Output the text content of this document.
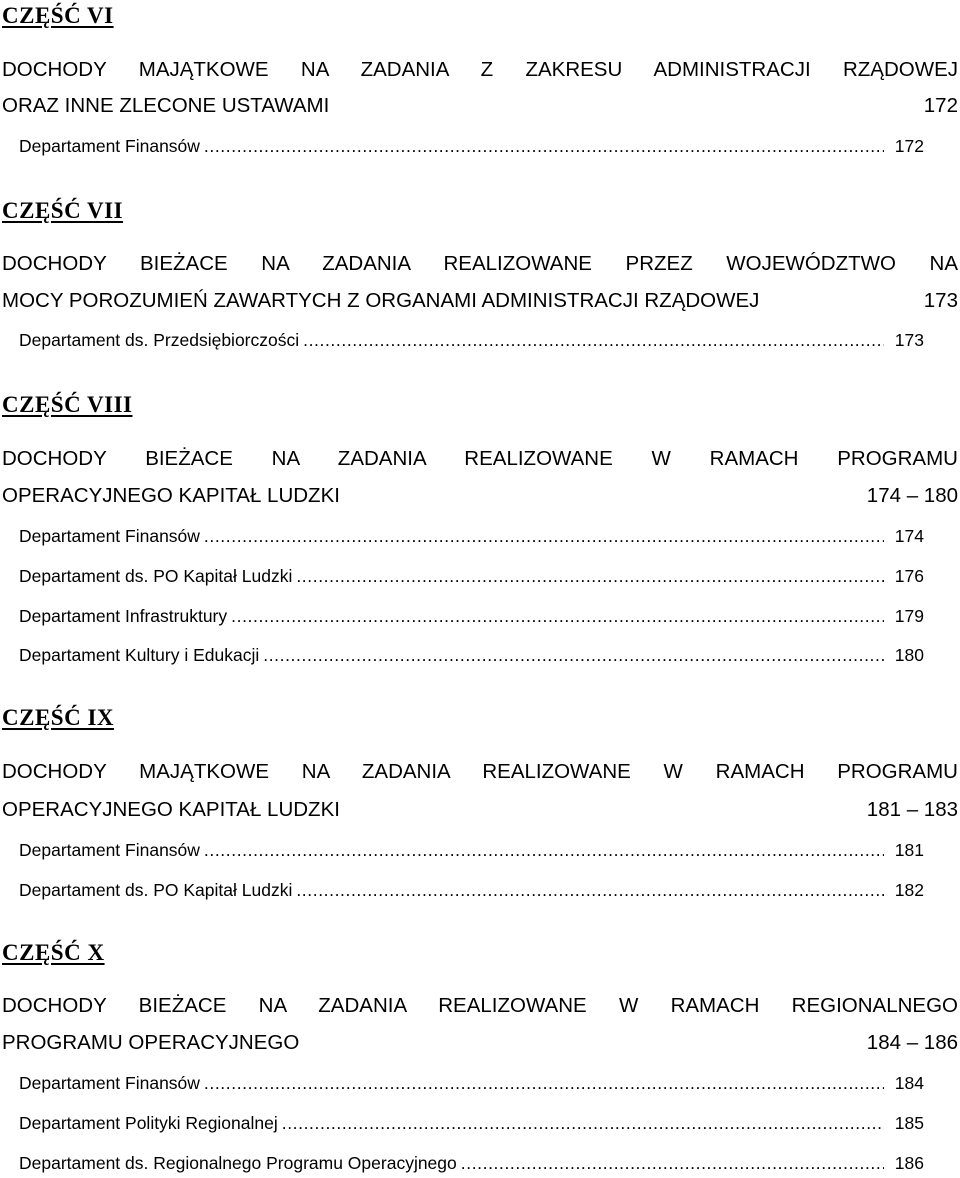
CZĘŚĆ VI
DOCHODY MAJĄTKOWE NA ZADANIA Z ZAKRESU ADMINISTRACJI RZĄDOWEJ
ORAZ INNE ZLECONE USTAWAMI	172
Departament Finansów .....	172
CZĘŚĆ VII
DOCHODY BIEŻACE NA ZADANIA REALIZOWANE PRZEZ WOJEWÓDZTWO NA
MOCY POROZUMIEŃ ZAWARTYCH Z ORGANAMI ADMINISTRACJI RZĄDOWEJ	173
Departament ds. Przedsiębiorczości .....	173
CZĘŚĆ VIII
DOCHODY BIEŻACE NA ZADANIA REALIZOWANE W RAMACH PROGRAMU
OPERACYJNEGO KAPITAŁ LUDZKI	174 – 180
Departament Finansów .....	174
Departament ds. PO Kapitał Ludzki .....	176
Departament Infrastruktury .....	179
Departament Kultury i Edukacji .....	180
CZĘŚĆ IX
DOCHODY MAJĄTKOWE NA ZADANIA REALIZOWANE W RAMACH PROGRAMU
OPERACYJNEGO KAPITAŁ LUDZKI	181 – 183
Departament Finansów .....	181
Departament ds. PO Kapitał Ludzki .....	182
CZĘŚĆ X
DOCHODY BIEŻACE NA ZADANIA REALIZOWANE W RAMACH REGIONALNEGO
PROGRAMU OPERACYJNEGO	184 – 186
Departament Finansów .....	184
Departament Polityki Regionalnej .....	185
Departament ds. Regionalnego Programu Operacyjnego .....	186
